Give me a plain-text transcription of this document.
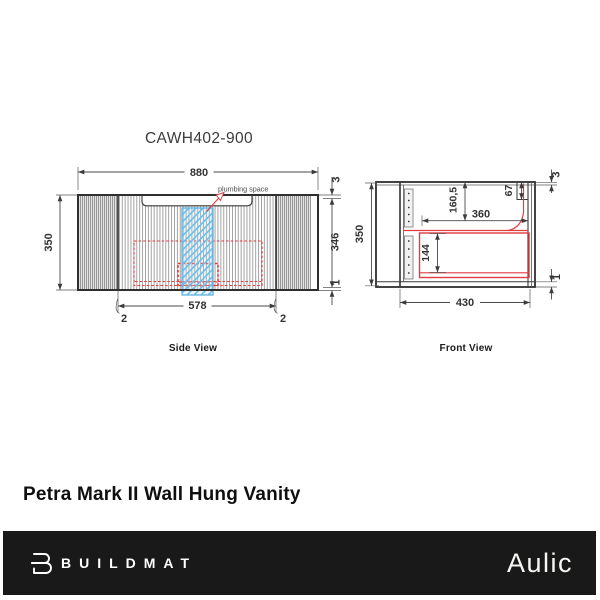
CAWH402-900
plumbing space
880
350
3
346
1
578
2	2
Side View
350
430
360
160,5	67
144
3
1
Front View
Petra Mark II Wall Hung Vanity
BUILDMAT	Aulic
